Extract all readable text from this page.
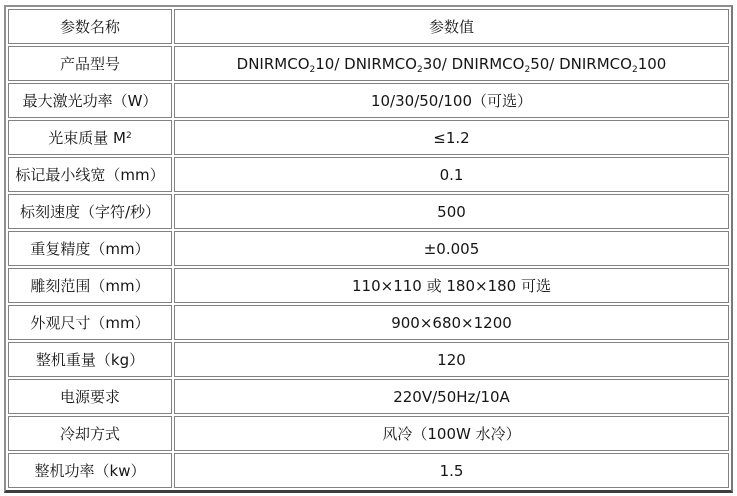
参数名称	参数值
产品型号	$DNIRMCO_210/$ $DNIRMCO_230/$ $DNIRMCO_250/$ $DNIRMCO_2100$
最大激光功率（W）	10/30/50/100（可选）
光束质量 $M^2$	≤1.2
标记最小线宽（mm）	0.1
标刻速度（字符/秒）	500
重复精度（mm）	±0.005
雕刻范围（mm）	110×110 或 180×180 可选
外观尺寸（mm）	900×680×1200
整机重量（kg）	120
电源要求	220V/50Hz/10A
冷却方式	风冷（100W 水冷）
整机功率（kw）	1.5
